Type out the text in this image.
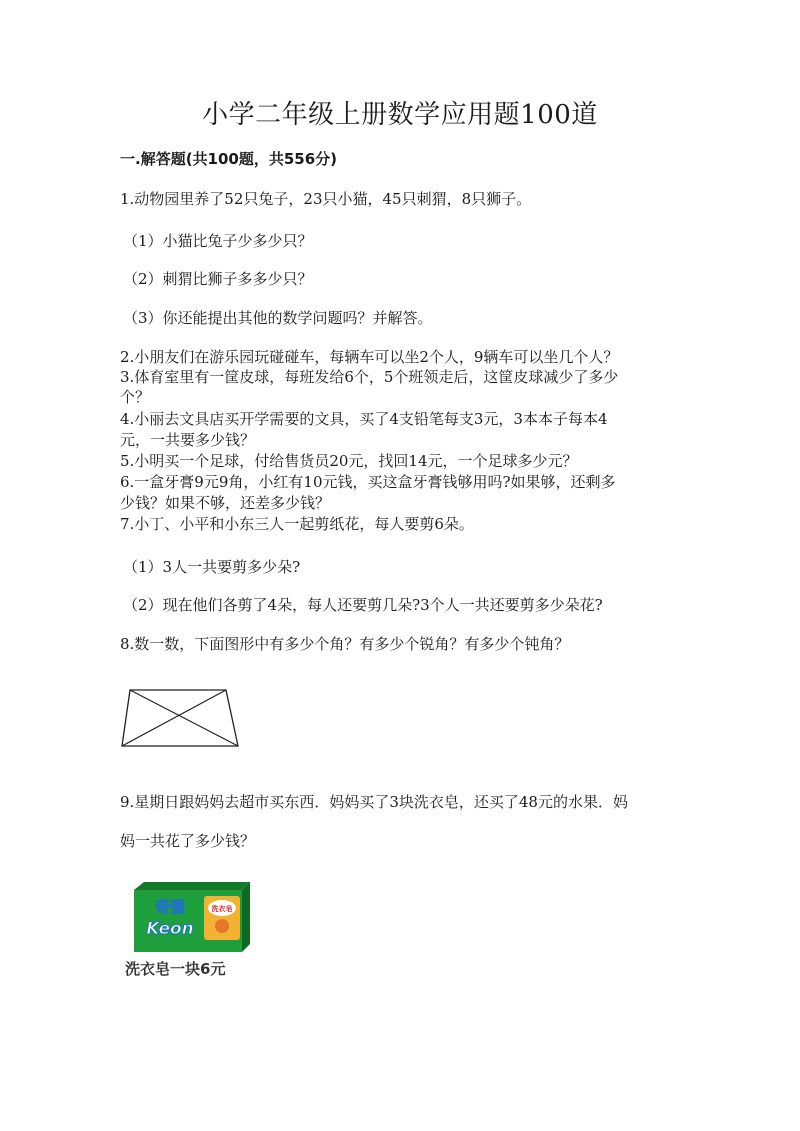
小学二年级上册数学应用题100道
一.解答题(共100题，共556分)
1.动物园里养了52只兔子，23只小猫，45只刺猬，8只狮子。
（1）小猫比兔子少多少只？
（2）刺猬比狮子多多少只？
（3）你还能提出其他的数学问题吗？并解答。
2.小朋友们在游乐园玩碰碰车，每辆车可以坐2个人，9辆车可以坐几个人？
3.体育室里有一筐皮球，每班发给6个，5个班领走后，这筐皮球减少了多少
个？
4.小丽去文具店买开学需要的文具，买了4支铅笔每支3元，3本本子每本4
元，一共要多少钱？
5.小明买一个足球，付给售货员20元，找回14元，一个足球多少元？
6.一盒牙膏9元9角，小红有10元钱，买这盒牙膏钱够用吗?如果够，还剩多
少钱？如果不够，还差多少钱？
7.小丁、小平和小东三人一起剪纸花，每人要剪6朵。
（1）3人一共要剪多少朵?
（2）现在他们各剪了4朵，每人还要剪几朵?3个人一共还要剪多少朵花?
8.数一数，下面图形中有多少个角？有多少个锐角？有多少个钝角？
9.星期日跟妈妈去超市买东西．妈妈买了3块洗衣皂，还买了48元的水果．妈
妈一共花了多少钱？
洗衣皂
奇强
Keon
洗衣皂一块6元
